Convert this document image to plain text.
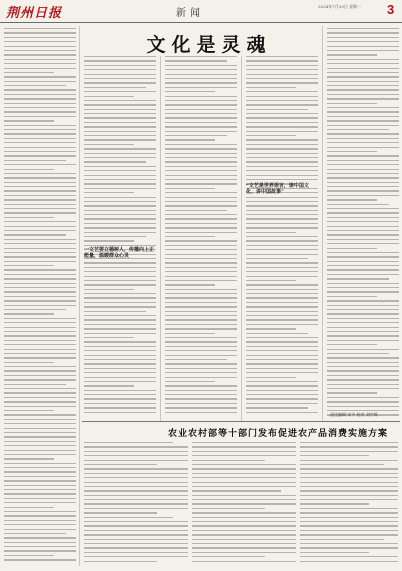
荆州日报	新闻
2024年7月29日 星期一	3
文化是灵魂
一文艺要立德树人，传播向上正能量，温暖群众心灵
“文艺是世界语言，谈中国文化、讲中国故事”
农业农村部等十部门发布促进农产品消费实施方案
责任编辑 宋平 校对 刘宇辉
